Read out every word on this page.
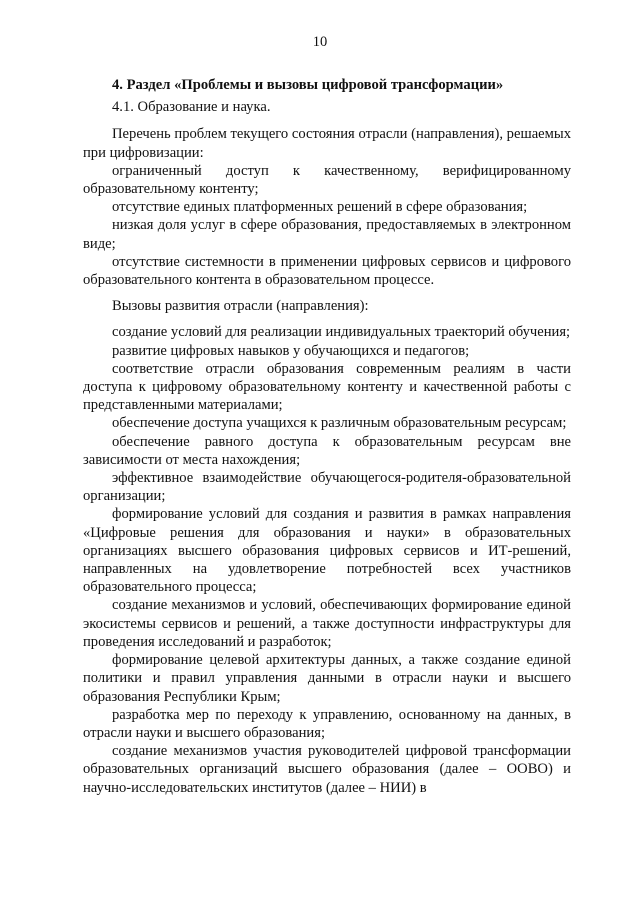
10

4. Раздел «Проблемы и вызовы цифровой трансформации»

4.1. Образование и наука.

Перечень проблем текущего состояния отрасли (направления), решаемых при цифровизации:

ограниченный доступ к качественному, верифицированному образовательному контенту;

отсутствие единых платформенных решений в сфере образования;

низкая доля услуг в сфере образования, предоставляемых в электронном виде;

отсутствие системности в применении цифровых сервисов и цифрового образовательного контента в образовательном процессе.

Вызовы развития отрасли (направления):

создание условий для реализации индивидуальных траекторий обучения;

развитие цифровых навыков у обучающихся и педагогов;

соответствие отрасли образования современным реалиям в части доступа к цифровому образовательному контенту и качественной работы с представленными материалами;

обеспечение доступа учащихся к различным образовательным ресурсам;

обеспечение равного доступа к образовательным ресурсам вне зависимости от места нахождения;

эффективное взаимодействие обучающегося-родителя-образовательной организации;

формирование условий для создания и развития в рамках направления «Цифровые решения для образования и науки» в образовательных организациях высшего образования цифровых сервисов и ИТ-решений, направленных на удовлетворение потребностей всех участников образовательного процесса;

создание механизмов и условий, обеспечивающих формирование единой экосистемы сервисов и решений, а также доступности инфраструктуры для проведения исследований и разработок;

формирование целевой архитектуры данных, а также создание единой политики и правил управления данными в отрасли науки и высшего образования Республики Крым;

разработка мер по переходу к управлению, основанному на данных, в отрасли науки и высшего образования;

создание механизмов участия руководителей цифровой трансформации образовательных организаций высшего образования (далее – ООВО) и научно-исследовательских институтов (далее – НИИ) в
